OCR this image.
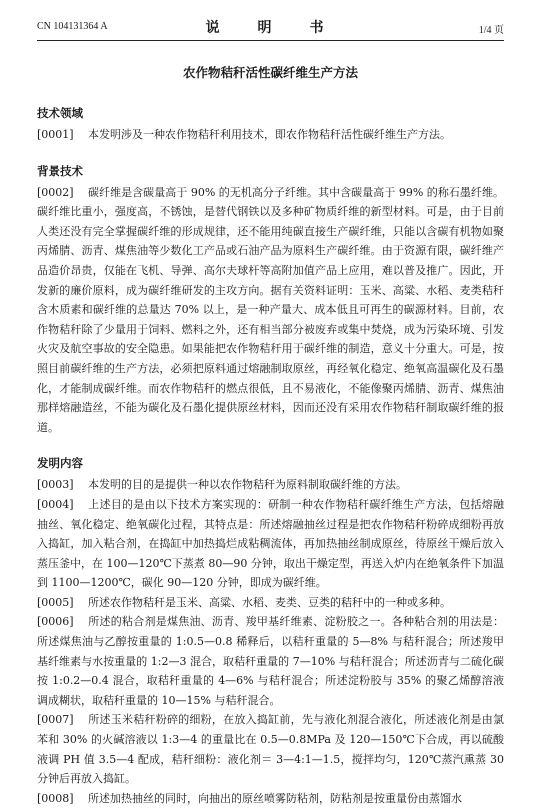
CN 104131364 A	说　明　书	1/4 页
农作物秸秆活性碳纤维生产方法
技术领域

[0001] 本发明涉及一种农作物秸秆利用技术，即农作物秸秆活性碳纤维生产方法。

背景技术

[0002] 碳纤维是含碳量高于 90% 的无机高分子纤维。其中含碳量高于 99% 的称石墨纤维。碳纤维比重小，强度高，不锈蚀，是替代钢铁以及多种矿物质纤维的新型材料。可是，由于目前人类还没有完全掌握碳纤维的形成规律，还不能用纯碳直接生产碳纤维，只能以含碳有机物如聚丙烯腈、沥青、煤焦油等少数化工产品或石油产品为原料生产碳纤维。由于资源有限，碳纤维产品造价昂贵，仅能在飞机、导弹、高尔夫球杆等高附加值产品上应用，难以普及推广。因此，开发新的廉价原料，成为碳纤维研发的主攻方向。据有关资料证明：玉米、高粱、水稻、麦类秸秆含木质素和碳纤维的总量达 70% 以上，是一种产量大、成本低且可再生的碳源材料。目前，农作物秸秆除了少量用于饲料、燃料之外，还有相当部分被废弃或集中焚烧，成为污染环境、引发火灾及航空事故的安全隐患。如果能把农作物秸秆用于碳纤维的制造，意义十分重大。可是，按照目前碳纤维的生产方法，必须把原料通过熔融制取原丝，再经氧化稳定、绝氧高温碳化及石墨化，才能制成碳纤维。而农作物秸秆的燃点很低，且不易液化，不能像聚丙烯腈、沥青、煤焦油那样熔融造丝，不能为碳化及石墨化提供原丝材料，因而还没有采用农作物秸秆制取碳纤维的报道。

发明内容

[0003] 本发明的目的是提供一种以农作物秸秆为原料制取碳纤维的方法。

[0004] 上述目的是由以下技术方案实现的：研制一种农作物秸秆碳纤维生产方法，包括熔融抽丝、氧化稳定、绝氧碳化过程，其特点是：所述熔融抽丝过程是把农作物秸秆粉碎成细粉再放入捣缸，加入粘合剂，在捣缸中加热捣烂成粘稠流体，再加热抽丝制成原丝，待原丝干燥后放入蒸压釜中，在 100—120℃下蒸煮 80—90 分钟，取出干燥定型，再送入炉内在绝氧条件下加温到 1100—1200℃，碳化 90—120 分钟，即成为碳纤维。

[0005] 所述农作物秸秆是玉米、高粱、水稻、麦类、豆类的秸秆中的一种或多种。

[0006] 所述的粘合剂是煤焦油、沥青、羧甲基纤维素、淀粉胶之一。各种粘合剂的用法是：所述煤焦油与乙醇按重量的 1:0.5—0.8 稀释后，以秸秆重量的 5—8% 与秸秆混合；所述羧甲基纤维素与水按重量的 1:2—3 混合，取秸秆重量的 7—10% 与秸秆混合；所述沥青与二硫化碳按 1:0.2—0.4 混合，取秸秆重量的 4—6% 与秸秆混合；所述淀粉胶与 35% 的聚乙烯醇溶液调成糊状，取秸秆重量的 10—15% 与秸秆混合。

[0007] 所述玉米秸秆粉碎的细粉，在放入捣缸前，先与液化剂混合液化，所述液化剂是由氯苯和 30% 的火碱溶液以 1:3—4 的重量比在 0.5—0.8MPa 及 120—150℃下合成，再以硫酸液调 PH 值 3.5—4 配成，秸秆细粉：液化剂＝ 3—4:1—1.5，搅拌均匀，120℃蒸汽熏蒸 30 分钟后再放入捣缸。

[0008] 所述加热抽丝的同时，向抽出的原丝喷雾防粘剂，防粘剂是按重量份由蒸馏水
